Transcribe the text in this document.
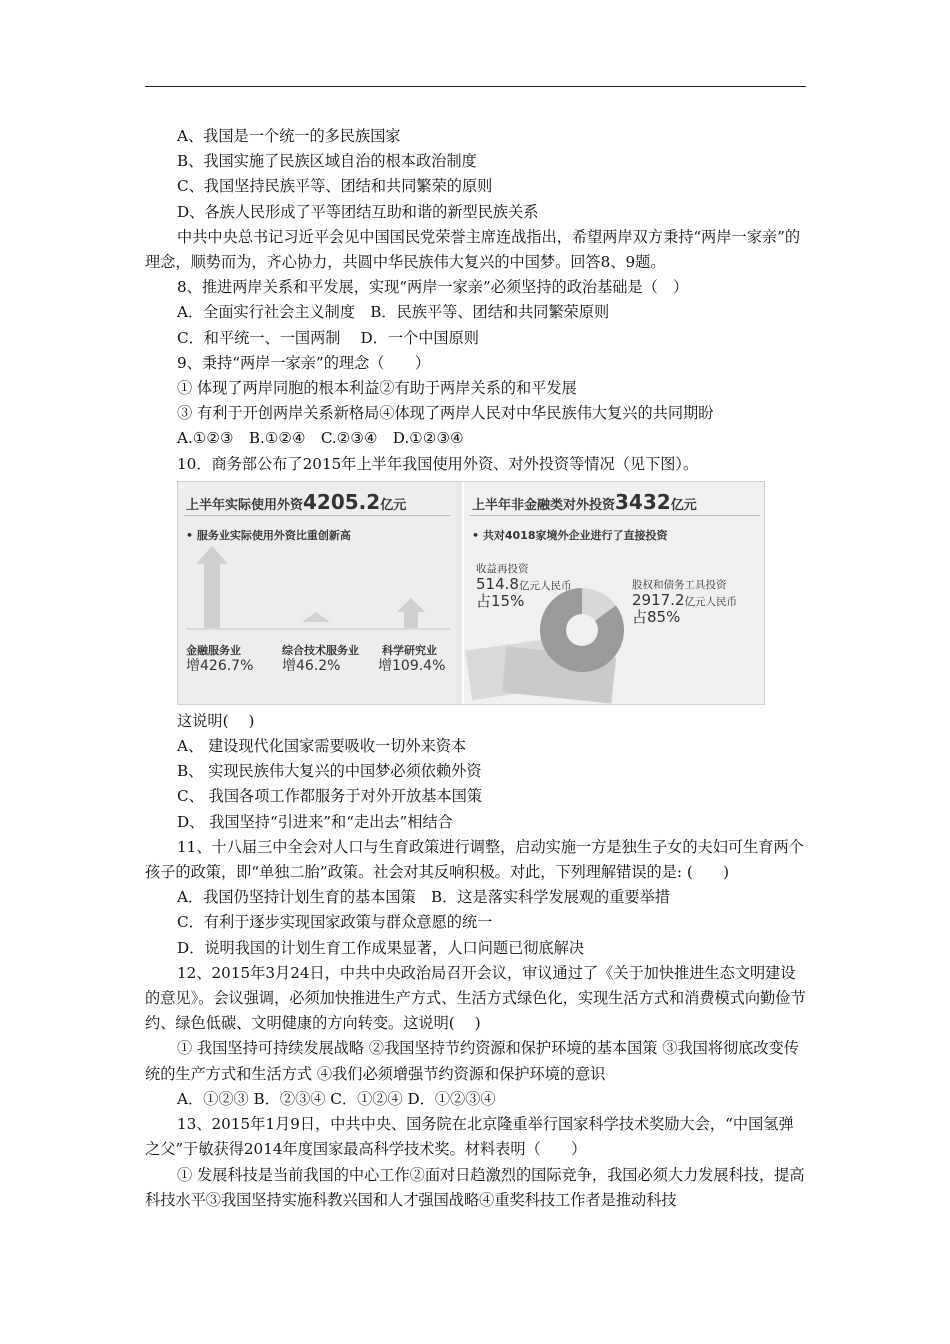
A、我国是一个统一的多民族国家

B、我国实施了民族区域自治的根本政治制度

C、我国坚持民族平等、团结和共同繁荣的原则

D、各族人民形成了平等团结互助和谐的新型民族关系

中共中央总书记习近平会见中国国民党荣誉主席连战指出，希望两岸双方秉持“两岸一家亲”的理念，顺势而为，齐心协力，共圆中华民族伟大复兴的中国梦。回答8、9题。

8、推进两岸关系和平发展，实现“两岸一家亲”必须坚持的政治基础是（　）

A．全面实行社会主义制度　B．民族平等、团结和共同繁荣原则

C．和平统一、一国两制　 D．一个中国原则

9、秉持“两岸一家亲”的理念（　　）

① 体现了两岸同胞的根本利益②有助于两岸关系的和平发展

③ 有利于开创两岸关系新格局④体现了两岸人民对中华民族伟大复兴的共同期盼

A.①②③　B.①②④　C.②③④　D.①②③④

10．商务部公布了2015年上半年我国使用外资、对外投资等情况（见下图）。

上半年实际使用外资4205.2亿元
• 服务业实际使用外资比重创新高
金融服务业
增426.7%
综合技术服务业
增46.2%
科学研究业
增109.4%
上半年非金融类对外投资3432亿元
• 共对4018家境外企业进行了直接投资
收益再投资
514.8亿元人民币
占15%
股权和债务工具投资
2917.2亿元人民币
占85%

这说明(　 )

A、 建设现代化国家需要吸收一切外来资本

B、 实现民族伟大复兴的中国梦必须依赖外资

C、 我国各项工作都服务于对外开放基本国策

D、 我国坚持“引进来”和“走出去”相结合

11、十八届三中全会对人口与生育政策进行调整，启动实施一方是独生子女的夫妇可生育两个孩子的政策，即“单独二胎”政策。社会对其反响积极。对此，下列理解错误的是: (　　)

A．我国仍坚持计划生育的基本国策　B．这是落实科学发展观的重要举措

C．有利于逐步实现国家政策与群众意愿的统一

D．说明我国的计划生育工作成果显著，人口问题已彻底解决

12、2015年3月24日，中共中央政治局召开会议，审议通过了《关于加快推进生态文明建设的意见》。会议强调，必须加快推进生产方式、生活方式绿色化，实现生活方式和消费模式向勤俭节约、绿色低碳、文明健康的方向转变。这说明(　 )

① 我国坚持可持续发展战略 ②我国坚持节约资源和保护环境的基本国策 ③我国将彻底改变传统的生产方式和生活方式 ④我们必须增强节约资源和保护环境的意识

A．①②③ B．②③④ C．①②④ D．①②③④

13、2015年1月9日，中共中央、国务院在北京隆重举行国家科学技术奖励大会，“中国氢弹之父”于敏获得2014年度国家最高科学技术奖。材料表明（　　）

① 发展科技是当前我国的中心工作②面对日趋激烈的国际竞争，我国必须大力发展科技，提高科技水平③我国坚持实施科教兴国和人才强国战略④重奖科技工作者是推动科技
